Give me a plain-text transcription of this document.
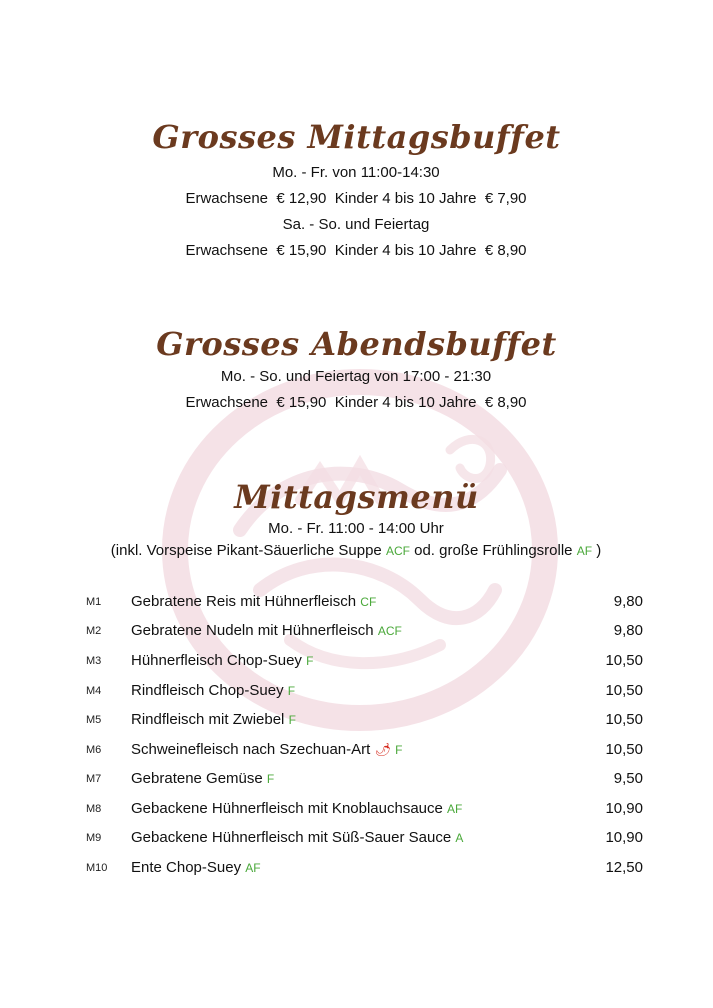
Grosses Mittagsbuffet
Mo. - Fr. von 11:00-14:30
Erwachsene  € 12,90  Kinder 4 bis 10 Jahre  € 7,90
Sa. - So. und Feiertag
Erwachsene  € 15,90  Kinder 4 bis 10 Jahre  € 8,90
Grosses Abendsbuffet
Mo. - So. und Feiertag von 17:00 - 21:30
Erwachsene  € 15,90  Kinder 4 bis 10 Jahre  € 8,90
Mittagsmenü
Mo. - Fr. 11:00 - 14:00 Uhr
(inkl. Vorspeise Pikant-Säuerliche Suppe ACF od. große Frühlingsrolle AF )
M1 Gebratene Reis mit Hühnerfleisch CF	9,80
M2 Gebratene Nudeln mit Hühnerfleisch ACF	9,80
M3 Hühnerfleisch Chop-Suey F	10,50
M4 Rindfleisch Chop-Suey F	10,50
M5 Rindfleisch mit Zwiebel F	10,50
M6 Schweinefleisch nach Szechuan-Art 🌶︎ F	10,50
M7 Gebratene Gemüse F	9,50
M8 Gebackene Hühnerfleisch mit Knoblauchsauce AF	10,90
M9 Gebackene Hühnerfleisch mit Süß-Sauer Sauce A	10,90
M10 Ente Chop-Suey AF	12,50
